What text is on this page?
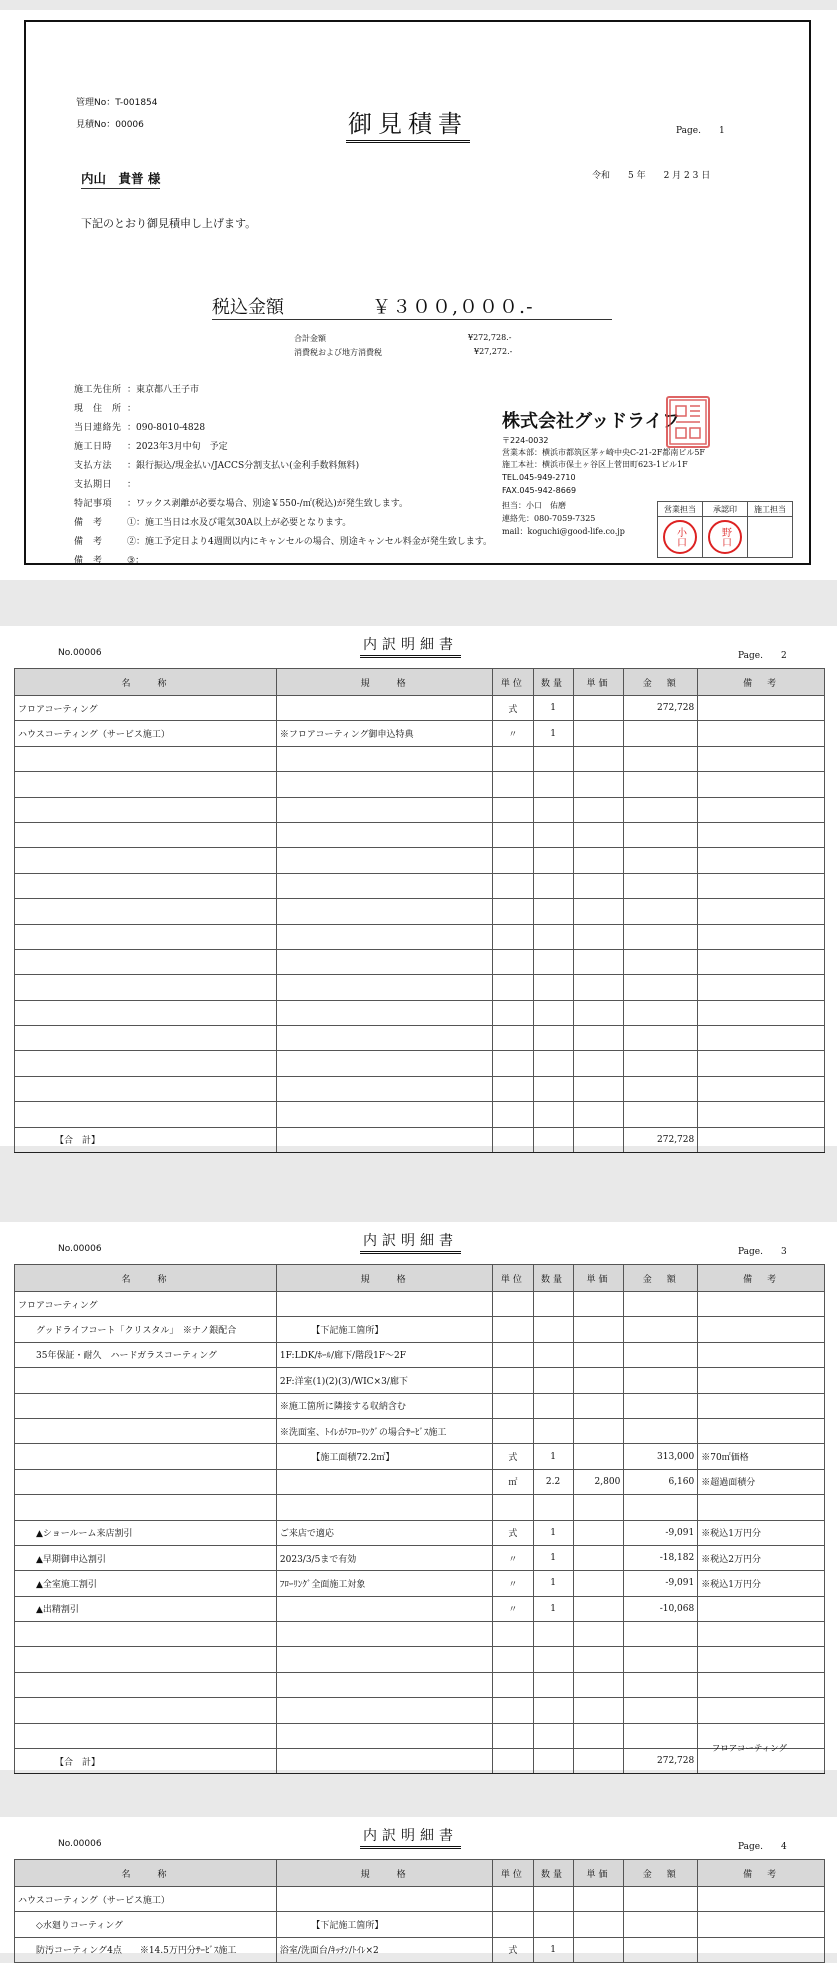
管理No：T-001854
見積No：00006	御見積書	Page.　　1
内山　貴普 様	令和　　5 年　　2 月 2 3 日
下記のとおり御見積申し上げます。
税込金額	￥３００,０００.-
合計金額	¥272,728.-
消費税および地方消費税	¥27,272.-
施工先住所 ：東京都八王子市
現　住　所 ：
当日連絡先 ：090-8010-4828
施工日時 ：2023年3月中旬　予定
支払方法 ：銀行振込/現金払い/JACCS分割支払い(金利手数料無料)
支払期日 ：
特記事項 ：ワックス剥離が必要な場合、別途￥550-/㎡(税込)が発生致します。
備　考	①：施工当日は水及び電気30A以上が必要となります。
備　考	②：施工予定日より4週間以内にキャンセルの場合、別途キャンセル料金が発生致します。
備　考	③：
株式会社グッドライフ
〒224-0032
営業本部：横浜市都筑区茅ヶ崎中央C-21-2F都南ビル5F
施工本社：横浜市保土ヶ谷区上菅田町623-1ビル1F
TEL.045-949-2710
FAX.045-942-8669
担当：小口　佑磨
連絡先：080-7059-7325
mail：koguchi@good-life.co.jp
営業担当	承認印	施工担当

小口	野口	

No.00006	内訳明細書
Page.　　2
名　　称	規　　格	単位	数量	単価	金　額	備　考
フロアコーティング		式	1		272,728	
ハウスコーティング（サービス施工）	※フロアコーティング御申込特典	〃	1			

【合　計】					272,728	
No.00006	内訳明細書
Page.　　3
名　　称	規　　格	単位	数量	単価	金　額	備　考
フロアコーティング						
　　グッドライフコート「クリスタル」　※ナノ銀配合	　　　　【下記施工箇所】					
　　35年保証・耐久　ハードガラスコーティング	1F:LDK/ﾎｰﾙ/廊下/階段1F～2F					
	2F:洋室(1)(2)(3)/WIC×3/廊下					
	※施工箇所に隣接する収納含む					
	※洗面室、ﾄｲﾚがﾌﾛｰﾘﾝｸﾞの場合ｻｰﾋﾞｽ施工					
	　　　　【施工面積72.2㎡】	式	1		313,000	※70㎡価格
		㎡	2.2	2,800	6,160	※超過面積分

　　▲ショールーム来店割引	ご来店で適応	式	1		-9,091	※税込1万円分
　　▲早期御申込割引	2023/3/5まで有効	〃	1		-18,182	※税込2万円分
　　▲全室施工割引	ﾌﾛｰﾘﾝｸﾞ全面施工対象	〃	1		-9,091	※税込1万円分
　　▲出精割引		〃	1		-10,068	

【合　計】					272,728	
フロアコーティング
No.00006	内訳明細書
Page.　　4
名　　称	規　　格	単位	数量	単価	金　額	備　考
ハウスコーティング（サービス施工）						
　　◇水廻りコーティング	　　　　【下記施工箇所】					
　　防汚コーティング4点　　※14.5万円分ｻｰﾋﾞｽ施工	浴室/洗面台/ｷｯﾁﾝ/ﾄｲﾚ×2	式	1			
